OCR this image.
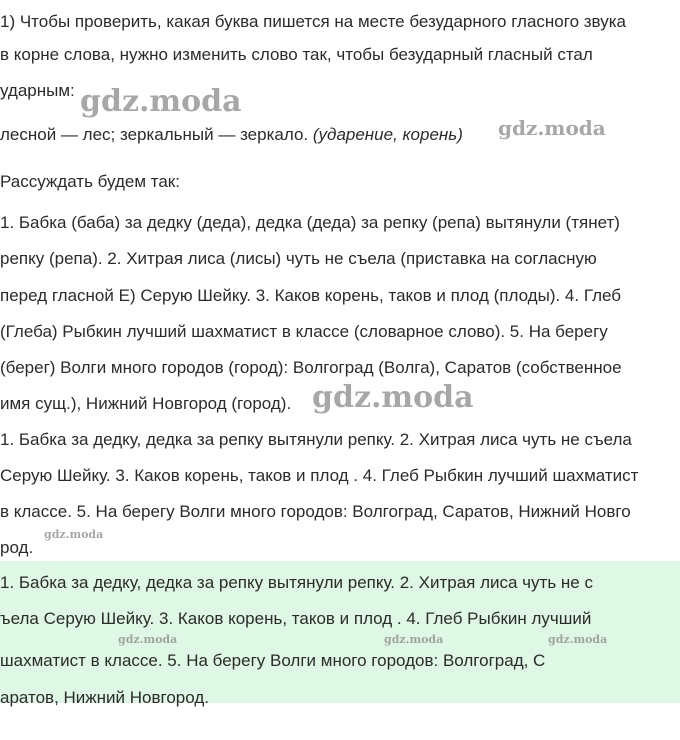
1) Чтобы проверить, какая буква пишется на месте безударного гласного звука
в корне слова, нужно изменить слово так, чтобы безударный гласный стал
ударным: gdz.moda
лесной — лес; зеркальный — зеркало. (ударение, корень) gdz.moda
Рассуждать будем так:
1. Бабка (баба) за дедку (деда), дедка (деда) за репку (репа) вытянули (тянет)
репку (репа). 2. Хитрая лиса (лисы) чуть не съела (приставка на согласную
перед гласной Е) Серую Шейку. 3. Каков корень, таков и плод (плоды). 4. Глеб
(Глеба) Рыбкин лучший шахматист в классе (словарное слово). 5. На берегу
(берег) Волги много городов (город): Волгоград (Волга), Саратов (собственное
имя сущ.), Нижний Новгород (город). gdz.moda
1. Бабка за дедку, дедка за репку вытянули репку. 2. Хитрая лиса чуть не съела
Серую Шейку. 3. Каков корень, таков и плод . 4. Глеб Рыбкин лучший шахматист
в классе. 5. На берегу Волги много городов: Волгоград, Саратов, Нижний Новго
gdz.moda
род.
1. Бабка за дедку, дедка за репку вытянули репку. 2. Хитрая лиса чуть не с
ъела Серую Шейку. 3. Каков корень, таков и плод . 4. Глеб Рыбкин лучший
gdz.moda	gdz.moda	gdz.moda
шахматист в классе. 5. На берегу Волги много городов: Волгоград, С
аратов, Нижний Новгород.
